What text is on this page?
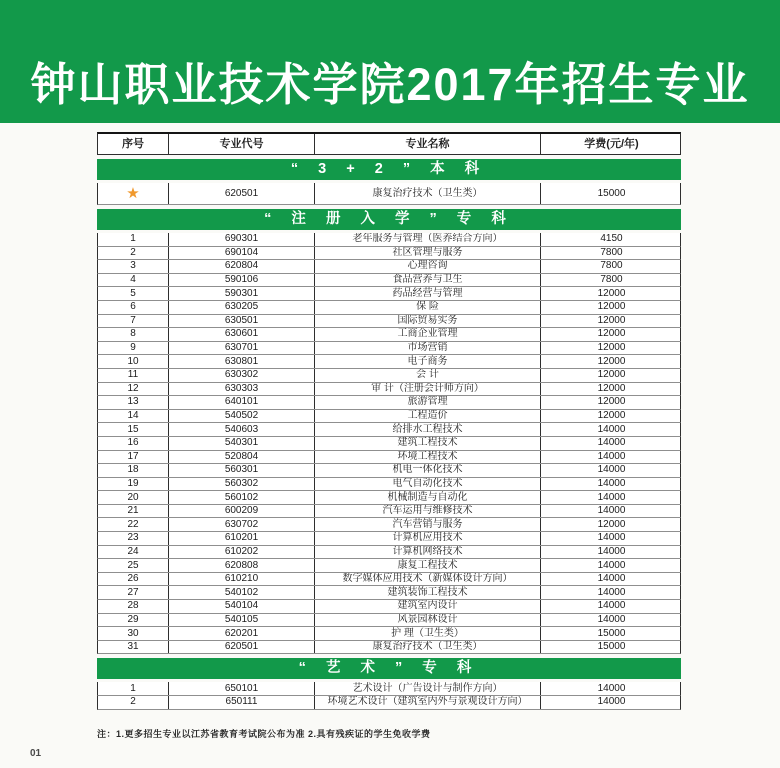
钟山职业技术学院2017年招生专业
序号	专业代号	专业名称	学费(元/年)
“ 3 + 2 ” 本 科
★	620501	康复治疗技术（卫生类）	15000
“ 注 册 入 学 ” 专 科
1	690301	老年服务与管理（医养结合方向）	4150
2	690104	社区管理与服务	7800
3	620804	心理咨询	7800
4	590106	食品营养与卫生	7800
5	590301	药品经营与管理	12000
6	630205	保 险	12000
7	630501	国际贸易实务	12000
8	630601	工商企业管理	12000
9	630701	市场营销	12000
10	630801	电子商务	12000
11	630302	会 计	12000
12	630303	审 计（注册会计师方向）	12000
13	640101	旅游管理	12000
14	540502	工程造价	12000
15	540603	给排水工程技术	14000
16	540301	建筑工程技术	14000
17	520804	环境工程技术	14000
18	560301	机电一体化技术	14000
19	560302	电气自动化技术	14000
20	560102	机械制造与自动化	14000
21	600209	汽车运用与维修技术	14000
22	630702	汽车营销与服务	12000
23	610201	计算机应用技术	14000
24	610202	计算机网络技术	14000
25	620808	康复工程技术	14000
26	610210	数字媒体应用技术（新媒体设计方向）	14000
27	540102	建筑装饰工程技术	14000
28	540104	建筑室内设计	14000
29	540105	风景园林设计	14000
30	620201	护 理（卫生类）	15000
31	620501	康复治疗技术（卫生类）	15000
“ 艺 术 ” 专 科
1	650101	艺术设计（广告设计与制作方向）	14000
2	650111	环境艺术设计（建筑室内外与景观设计方向）	14000
注：1.更多招生专业以江苏省教育考试院公布为准 2.具有残疾证的学生免收学费
01
